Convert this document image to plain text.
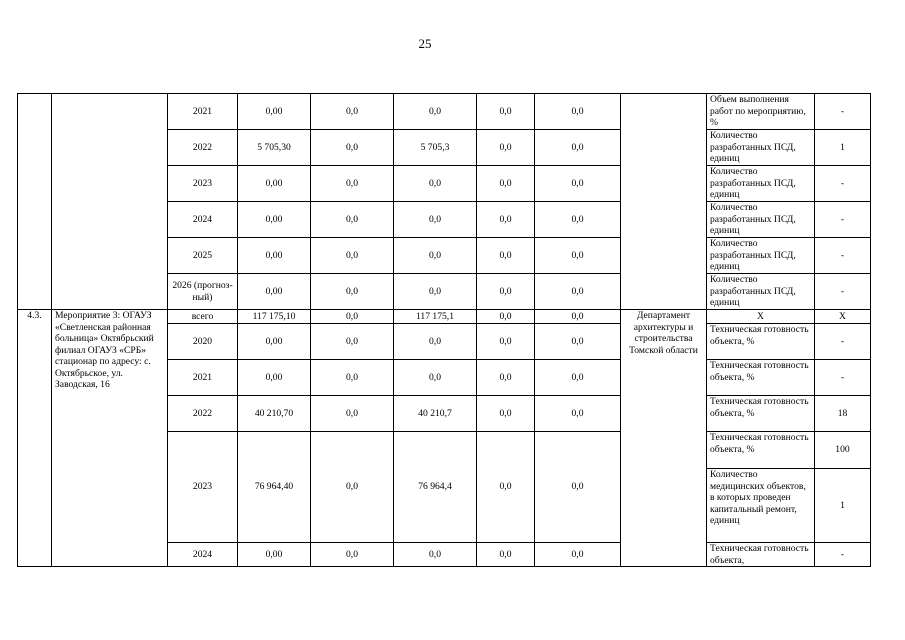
25
		2021	0,00	0,0	0,0	0,0	0,0		Объем выполнения работ по мероприятию, %	-
		2022	5 705,30	0,0	5 705,3	0,0	0,0		Количество разработанных ПСД, единиц	1
		2023	0,00	0,0	0,0	0,0	0,0		Количество разработанных ПСД, единиц	-
		2024	0,00	0,0	0,0	0,0	0,0		Количество разработанных ПСД, единиц	-
		2025	0,00	0,0	0,0	0,0	0,0		Количество разработанных ПСД, единиц	-
		2026 (прогноз-ный)	0,00	0,0	0,0	0,0	0,0		Количество разработанных ПСД, единиц	-
4.3.	Мероприятие 3: ОГАУЗ «Светленская районная больница» Октябрьский филиал ОГАУЗ «СРБ» стационар по адресу: с. Октябрьское, ул. Заводская, 16	всего	117 175,10	0,0	117 175,1	0,0	0,0	Департамент архитектуры и строительства Томской области	X	X
		2020	0,00	0,0	0,0	0,0	0,0		Техническая готовность объекта, %	-
		2021	0,00	0,0	0,0	0,0	0,0		Техническая готовность объекта, %	-
		2022	40 210,70	0,0	40 210,7	0,0	0,0		Техническая готовность объекта, %	18
		2023	76 964,40	0,0	76 964,4	0,0	0,0		Техническая готовность объекта, %	100
									Количество медицинских объектов, в которых проведен капитальный ремонт, единиц	1
		2024	0,00	0,0	0,0	0,0	0,0		Техническая готовность объекта,	-
